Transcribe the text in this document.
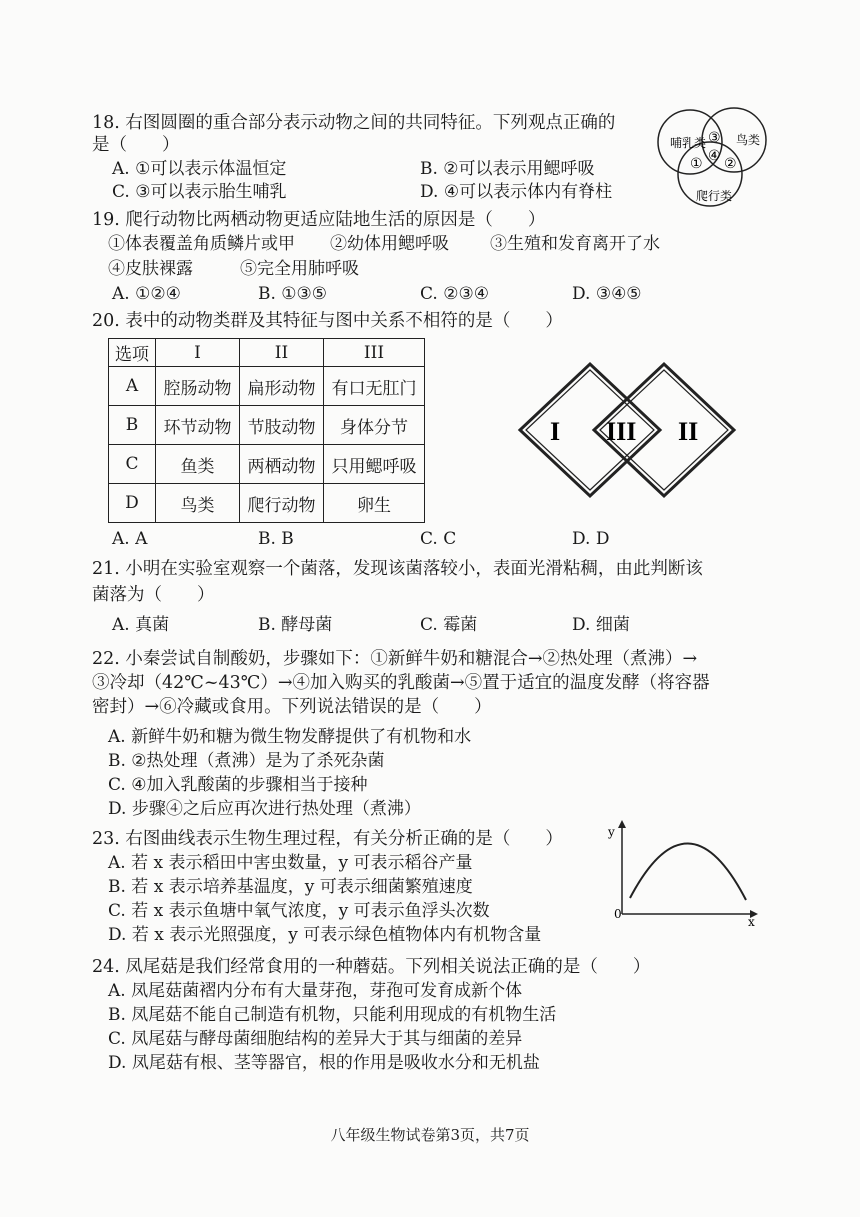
18. 右图圆圈的重合部分表示动物之间的共同特征。下列观点正确的
是（　　）
A. ①可以表示体温恒定	B. ②可以表示用鳃呼吸
C. ③可以表示胎生哺乳	D. ④可以表示体内有脊柱
哺乳类 鸟类
爬行类
③
④
① ②
19. 爬行动物比两栖动物更适应陆地生活的原因是（　　）
①体表覆盖角质鳞片或甲 ②幼体用鳃呼吸 ③生殖和发育离开了水
④皮肤裸露	⑤完全用肺呼吸
A. ①②④	B. ①③⑤	C. ②③④	D. ③④⑤
20. 表中的动物类群及其特征与图中关系不相符的是（　　）
选项	I	II	III
A	腔肠动物	扁形动物	有口无肛门
B	环节动物	节肢动物	身体分节
C	鱼类	两栖动物	只用鳃呼吸
D	鸟类	爬行动物	卵生
I III II
A. A	B. B	C. C	D. D
21. 小明在实验室观察一个菌落，发现该菌落较小，表面光滑粘稠，由此判断该
菌落为（　　）
A. 真菌	B. 酵母菌	C. 霉菌	D. 细菌
22. 小秦尝试自制酸奶，步骤如下：①新鲜牛奶和糖混合→②热处理（煮沸）→
③冷却（42℃~43℃）→④加入购买的乳酸菌→⑤置于适宜的温度发酵（将容器
密封）→⑥冷藏或食用。下列说法错误的是（　　）
A. 新鲜牛奶和糖为微生物发酵提供了有机物和水
B. ②热处理（煮沸）是为了杀死杂菌
C. ④加入乳酸菌的步骤相当于接种
D. 步骤④之后应再次进行热处理（煮沸）
23. 右图曲线表示生物生理过程，有关分析正确的是（　　）
A. 若 x 表示稻田中害虫数量，y 可表示稻谷产量
B. 若 x 表示培养基温度，y 可表示细菌繁殖速度
C. 若 x 表示鱼塘中氧气浓度，y 可表示鱼浮头次数
D. 若 x 表示光照强度，y 可表示绿色植物体内有机物含量
y
x
0
24. 凤尾菇是我们经常食用的一种蘑菇。下列相关说法正确的是（　　）
A. 凤尾菇菌褶内分布有大量芽孢，芽孢可发育成新个体
B. 凤尾菇不能自己制造有机物，只能利用现成的有机物生活
C. 凤尾菇与酵母菌细胞结构的差异大于其与细菌的差异
D. 凤尾菇有根、茎等器官，根的作用是吸收水分和无机盐
八年级生物试卷第3页，共7页
